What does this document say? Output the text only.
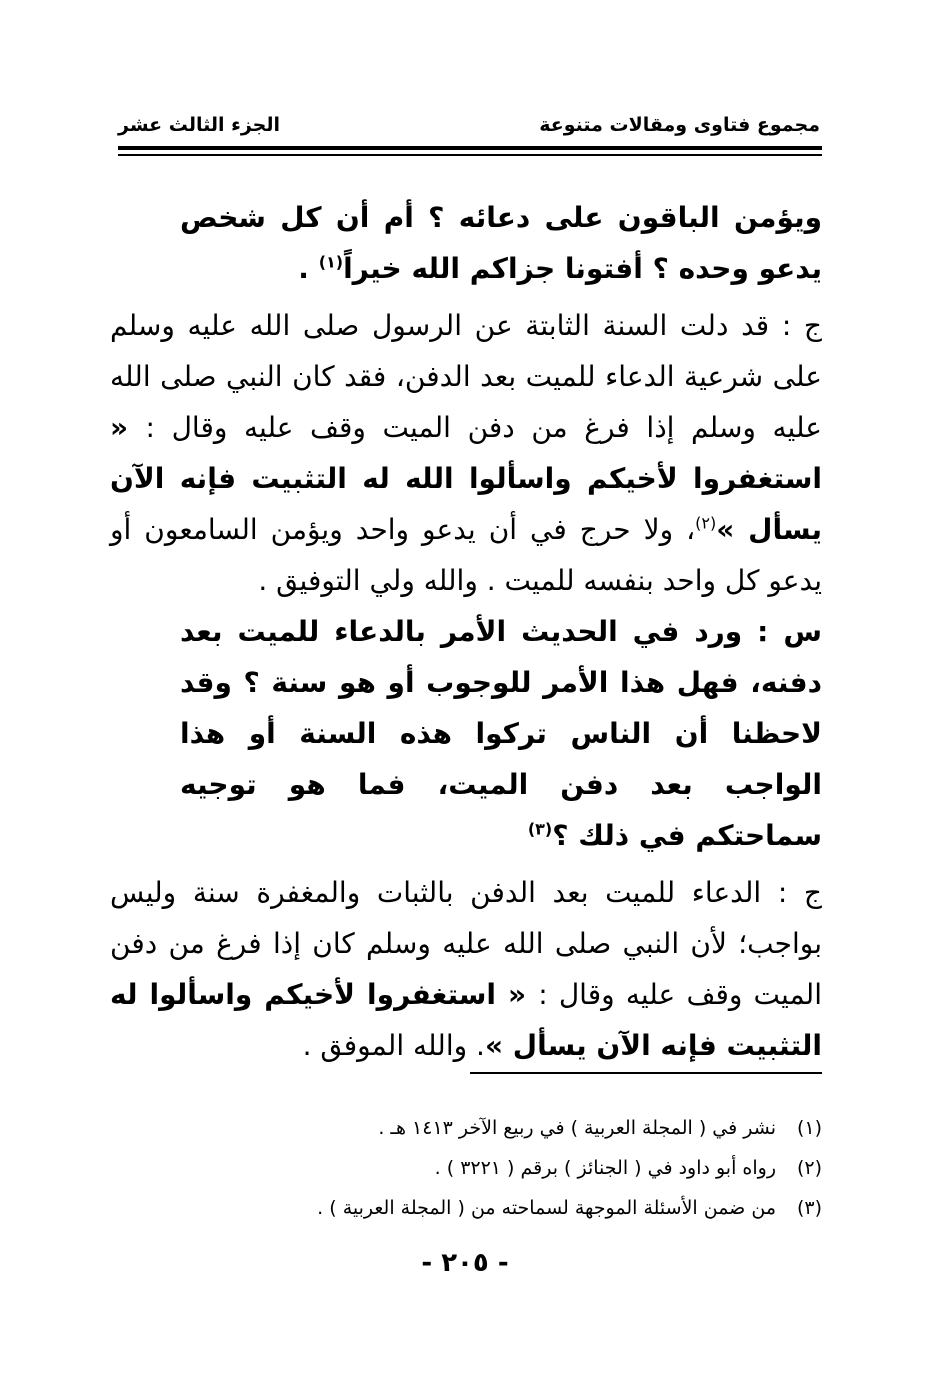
مجموع فتاوى ومقالات متنوعة
الجزء الثالث عشر

ويؤمن الباقون على دعائه ؟ أم أن كل شخص يدعو وحده ؟ أفتونا جزاكم الله خيراً$^{(١)}$ .

ج : قد دلت السنة الثابتة عن الرسول صلى الله عليه وسلم على شرعية الدعاء للميت بعد الدفن، فقد كان النبي صلى الله عليه وسلم إذا فرغ من دفن الميت وقف عليه وقال : « استغفروا لأخيكم واسألوا الله له التثبيت فإنه الآن يسأل »$^{(٢)}$، ولا حرج في أن يدعو واحد ويؤمن السامعون أو يدعو كل واحد بنفسه للميت . والله ولي التوفيق .

س : ورد في الحديث الأمر بالدعاء للميت بعد دفنه، فهل هذا الأمر للوجوب أو هو سنة ؟ وقد لاحظنا أن الناس تركوا هذه السنة أو هذا الواجب بعد دفن الميت، فما هو توجيه سماحتكم في ذلك ؟$^{(٣)}$

ج : الدعاء للميت بعد الدفن بالثبات والمغفرة سنة وليس بواجب؛ لأن النبي صلى الله عليه وسلم كان إذا فرغ من دفن الميت وقف عليه وقال : « استغفروا لأخيكم واسألوا له التثبيت فإنه الآن يسأل ». والله الموفق .

(١)نشر في ( المجلة العربية ) في ربيع الآخر ١٤١٣ هـ .
(٢)رواه أبو داود في ( الجنائز ) برقم ( ٣٢٢١ ) .
(٣)من ضمن الأسئلة الموجهة لسماحته من ( المجلة العربية ) .
- ٢٠٥ -
